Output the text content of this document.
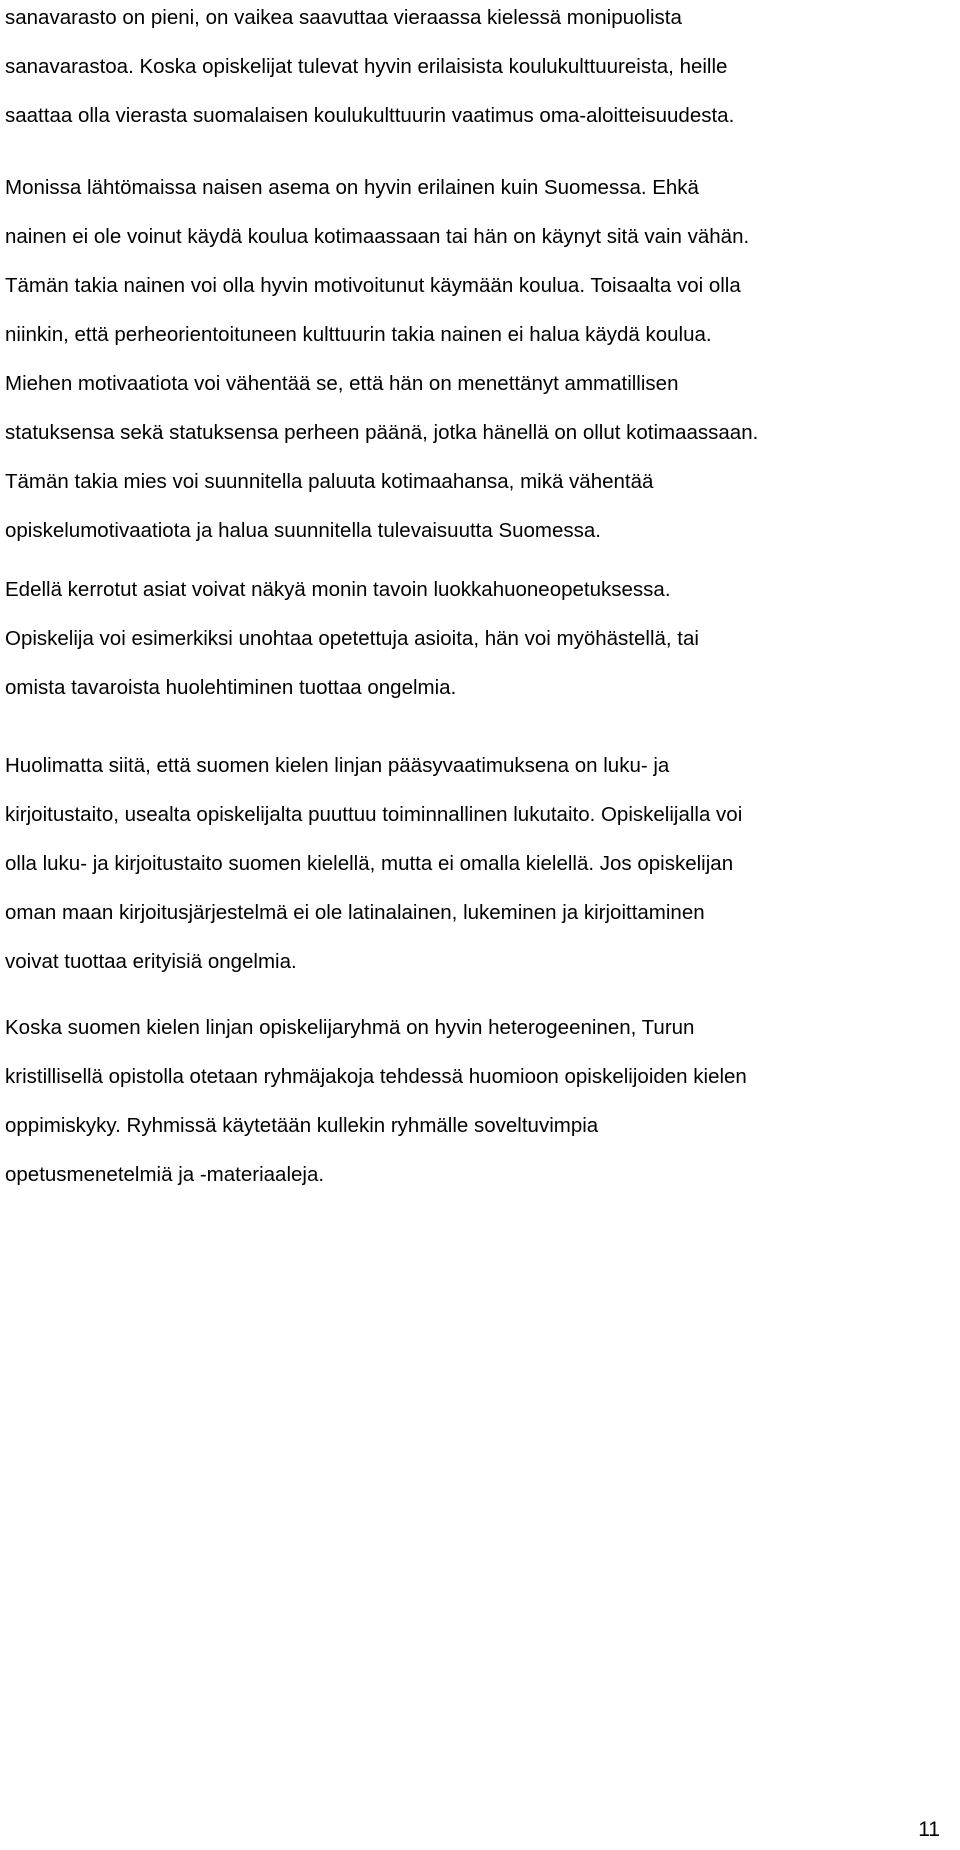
sanavarasto on pieni, on vaikea saavuttaa vieraassa kielessä monipuolista
sanavarastoa. Koska opiskelijat tulevat hyvin erilaisista koulukulttuureista, heille
saattaa olla vierasta suomalaisen koulukulttuurin vaatimus oma-aloitteisuudesta.
Monissa lähtömaissa naisen asema on hyvin erilainen kuin Suomessa. Ehkä
nainen ei ole voinut käydä koulua kotimaassaan tai hän on käynyt sitä vain vähän.
Tämän takia nainen voi olla hyvin motivoitunut käymään koulua. Toisaalta voi olla
niinkin, että perheorientoituneen kulttuurin takia nainen ei halua käydä koulua.
Miehen motivaatiota voi vähentää se, että hän on menettänyt ammatillisen
statuksensa sekä statuksensa perheen päänä, jotka hänellä on ollut kotimaassaan.
Tämän takia mies voi suunnitella paluuta kotimaahansa, mikä vähentää
opiskelumotivaatiota ja halua suunnitella tulevaisuutta Suomessa.
Edellä kerrotut asiat voivat näkyä monin tavoin luokkahuoneopetuksessa.
Opiskelija voi esimerkiksi unohtaa opetettuja asioita, hän voi myöhästellä, tai
omista tavaroista huolehtiminen tuottaa ongelmia.
Huolimatta siitä, että suomen kielen linjan pääsyvaatimuksena on luku- ja
kirjoitustaito, usealta opiskelijalta puuttuu toiminnallinen lukutaito. Opiskelijalla voi
olla luku- ja kirjoitustaito suomen kielellä, mutta ei omalla kielellä. Jos opiskelijan
oman maan kirjoitusjärjestelmä ei ole latinalainen, lukeminen ja kirjoittaminen
voivat tuottaa erityisiä ongelmia.
Koska suomen kielen linjan opiskelijaryhmä on hyvin heterogeeninen, Turun
kristillisellä opistolla otetaan ryhmäjakoja tehdessä huomioon opiskelijoiden kielen
oppimiskyky. Ryhmissä käytetään kullekin ryhmälle soveltuvimpia
opetusmenetelmiä ja -materiaaleja.
11
